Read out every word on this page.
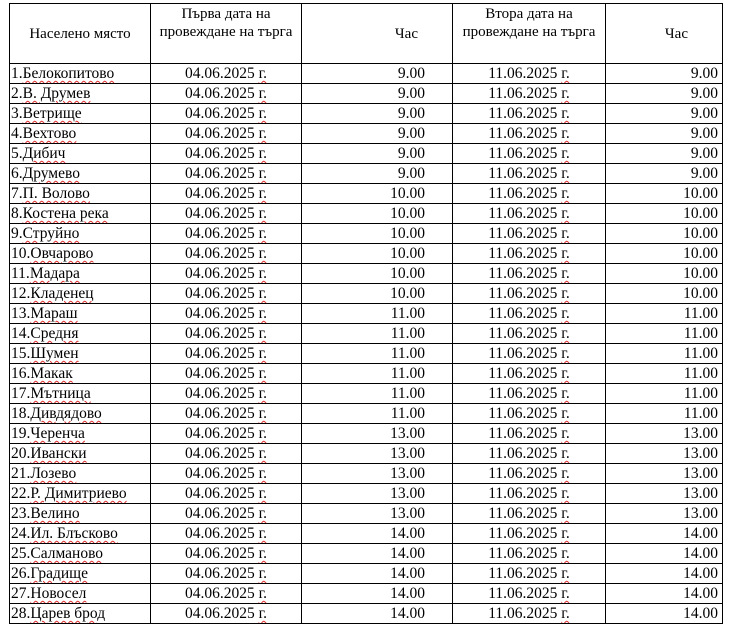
Населено място	Първа дата на провеждане на търга	Час	Втора дата на провеждане на търга	Час
1.Белокопитово	04.06.2025 г.	9.00	11.06.2025 г.	9.00
2.В. Друмев	04.06.2025 г.	9.00	11.06.2025 г.	9.00
3.Ветрище	04.06.2025 г.	9.00	11.06.2025 г.	9.00
4.Вехтово	04.06.2025 г.	9.00	11.06.2025 г.	9.00
5.Дибич	04.06.2025 г.	9.00	11.06.2025 г.	9.00
6.Друмево	04.06.2025 г.	9.00	11.06.2025 г.	9.00
7.П. Волово	04.06.2025 г.	10.00	11.06.2025 г.	10.00
8.Костена река	04.06.2025 г.	10.00	11.06.2025 г.	10.00
9.Струйно	04.06.2025 г.	10.00	11.06.2025 г.	10.00
10.Овчарово	04.06.2025 г.	10.00	11.06.2025 г.	10.00
11.Мадара	04.06.2025 г.	10.00	11.06.2025 г.	10.00
12.Кладенец	04.06.2025 г.	10.00	11.06.2025 г.	10.00
13.Мараш	04.06.2025 г.	11.00	11.06.2025 г.	11.00
14.Средня	04.06.2025 г.	11.00	11.06.2025 г.	11.00
15.Шумен	04.06.2025 г.	11.00	11.06.2025 г.	11.00
16.Макак	04.06.2025 г.	11.00	11.06.2025 г.	11.00
17.Мътница	04.06.2025 г.	11.00	11.06.2025 г.	11.00
18.Дивдядово	04.06.2025 г.	11.00	11.06.2025 г.	11.00
19.Черенча	04.06.2025 г.	13.00	11.06.2025 г.	13.00
20.Ивански	04.06.2025 г.	13.00	11.06.2025 г.	13.00
21.Лозево	04.06.2025 г.	13.00	11.06.2025 г.	13.00
22.Р. Димитриево	04.06.2025 г.	13.00	11.06.2025 г.	13.00
23.Велино	04.06.2025 г.	13.00	11.06.2025 г.	13.00
24.Ил. Блъсково	04.06.2025 г.	14.00	11.06.2025 г.	14.00
25.Салманово	04.06.2025 г.	14.00	11.06.2025 г.	14.00
26.Градище	04.06.2025 г.	14.00	11.06.2025 г.	14.00
27.Новосел	04.06.2025 г.	14.00	11.06.2025 г.	14.00
28.Царев брод	04.06.2025 г.	14.00	11.06.2025 г.	14.00
